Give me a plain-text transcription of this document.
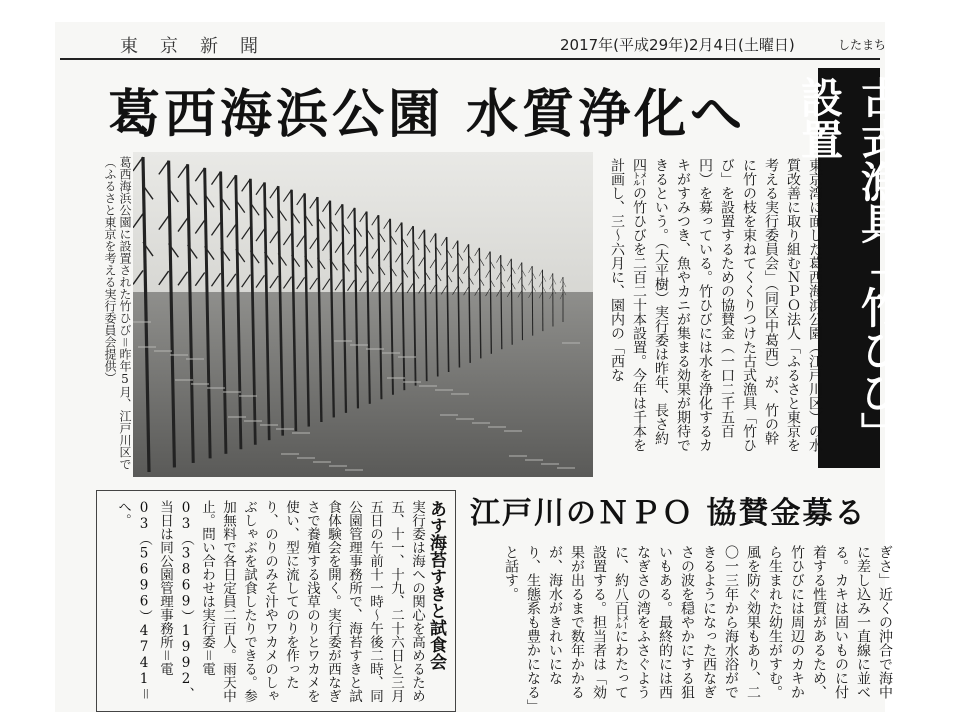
東京新聞	2017年(平成29年)2月4日(土曜日)	したまち
葛西海浜公園 水質浄化へ	古式漁具「竹ひび」設置
葛西海浜公園に設置された竹ひび＝昨年5月、江戸川区で（ふるさと東京を考える実行委員会提供）	東京湾に面した葛西海浜公園（江戸川区）の水質改善に取り組むＮＰＯ法人「ふるさと東京を考える実行委員会」（同区中葛西）が、竹の幹に竹の枝を束ねてくくりつけた古式漁具「竹ひび」を設置するための協賛金（一口二千五百円）を募っている。竹ひびには水を浄化するカキがすみつき、魚やカニが集まる効果が期待できるという。（大平樹）実行委は昨年、長さ約四㍍の竹ひびを二百二十本設置。今年は千本を計画し、三〜六月に、園内の「西な
江戸川のＮＰＯ 協賛金募る
ぎさ」近くの沖合で海中に差し込み一直線に並べる。カキは固いものに付着する性質があるため、竹ひびには周辺のカキから生まれた幼生がすむ。風を防ぐ効果もあり、二〇一三年から海水浴ができるようになった西なぎさの波を穏やかにする狙いもある。最終的には西なぎさの湾をふさぐように、約八百㍍にわたって設置する。担当者は「効果が出るまで数年かかるが、海水がきれいになり、生態系も豊かになる」と話す。
あす海苔すきと試食会
実行委は海への関心を高めるため五、十一、十九、二十六日と三月五日の午前十一時〜午後二時、同公園管理事務所で、海苔すきと試食体験会を開く。実行委が西なぎさで養殖する浅草のりとワカメを使い、型に流してのりを作ったり、のりのみそ汁やワカメのしゃぶしゃぶを試食したりできる。参加無料で各日定員二百人。雨天中止。問い合わせは実行委＝電03（3869）1992、当日は同公園管理事務所＝電03（5696）4741＝へ。
